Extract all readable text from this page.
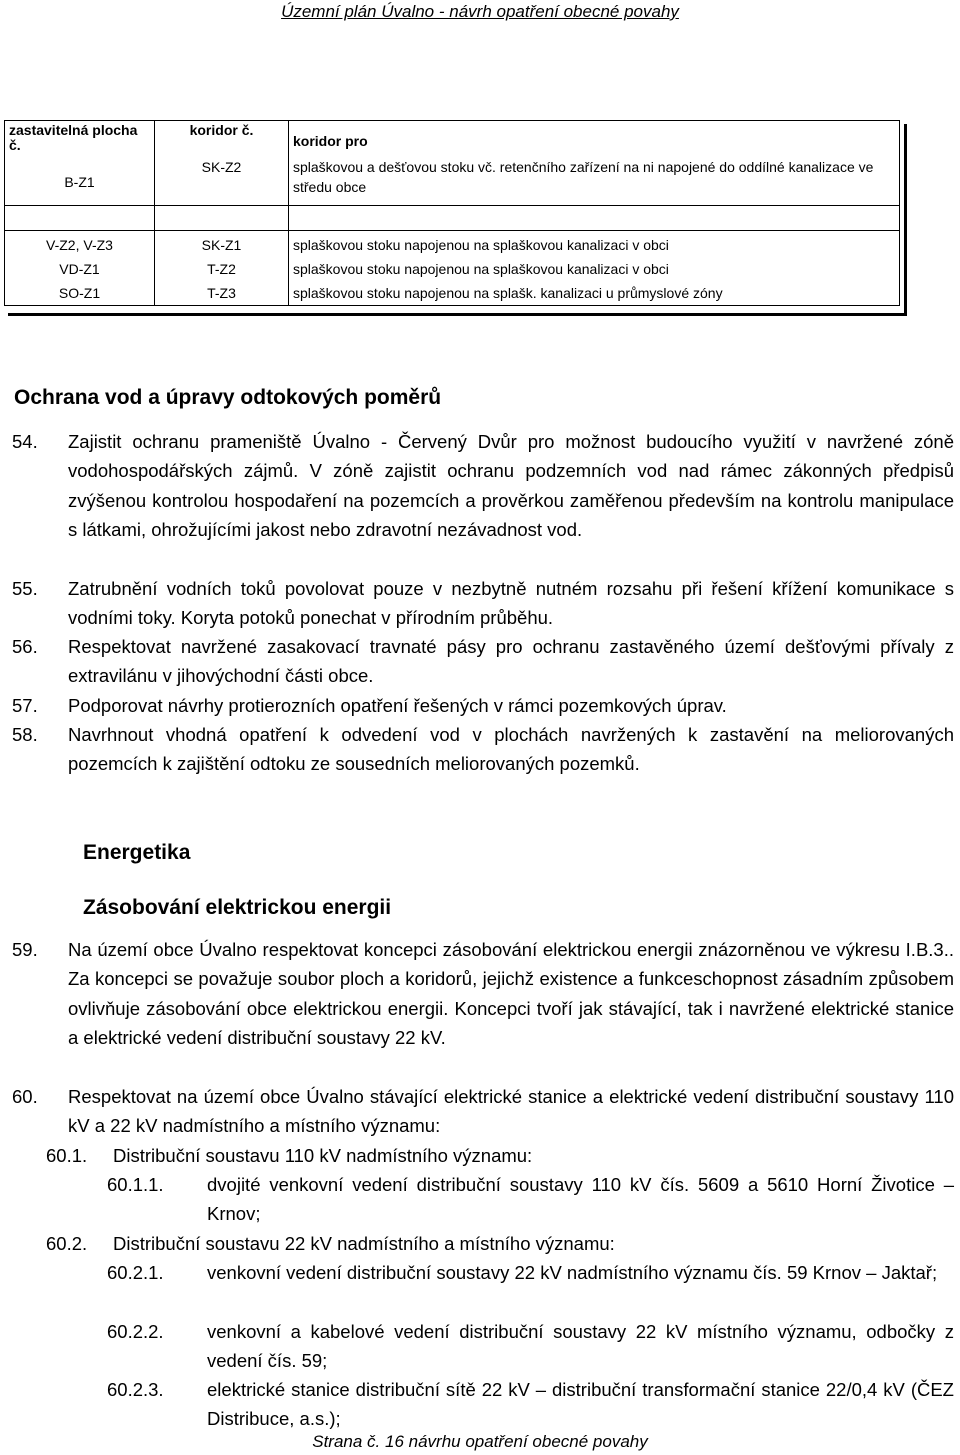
Územní plán Úvalno - návrh opatření obecné povahy
zastavitelná plocha č.	koridor č.	koridor pro
B-Z1	SK-Z2	splaškovou a dešťovou stoku vč. retenčního zařízení na ni napojené do oddílné kanalizace ve středu obce

V-Z2, V-Z3	SK-Z1	splaškovou stoku napojenou na splaškovou kanalizaci v obci
VD-Z1	T-Z2	splaškovou stoku napojenou na splaškovou kanalizaci v obci
SO-Z1	T-Z3	splaškovou stoku napojenou na splašk. kanalizaci u průmyslové zóny
Ochrana vod a úpravy odtokových poměrů
54. Zajistit ochranu prameniště Úvalno - Červený Dvůr pro možnost budoucího využití v navržené zóně vodohospodářských zájmů. V zóně zajistit ochranu podzemních vod nad rámec zákonných předpisů zvýšenou kontrolou hospodaření na pozemcích a prověrkou zaměřenou především na kontrolu manipulace s látkami, ohrožujícími jakost nebo zdravotní nezávadnost vod.
55. Zatrubnění vodních toků povolovat pouze v nezbytně nutném rozsahu při řešení křížení komunikace s vodními toky. Koryta potoků ponechat v přírodním průběhu.
56. Respektovat navržené zasakovací travnaté pásy pro ochranu zastavěného území dešťovými přívaly z extravilánu v jihovýchodní části obce.
57. Podporovat návrhy protierozních opatření řešených v rámci pozemkových úprav.
58. Navrhnout vhodná opatření k odvedení vod v plochách navržených k zastavění na meliorovaných pozemcích k zajištění odtoku ze sousedních meliorovaných pozemků.
Energetika
Zásobování elektrickou energii
59. Na území obce Úvalno respektovat koncepci zásobování elektrickou energii znázorněnou ve výkresu I.B.3.. Za koncepci se považuje soubor ploch a koridorů, jejichž existence a funkceschopnost zásadním způsobem ovlivňuje zásobování obce elektrickou energii. Koncepci tvoří jak stávající, tak i navržené elektrické stanice a elektrické vedení distribuční soustavy 22 kV.
60. Respektovat na území obce Úvalno stávající elektrické stanice a elektrické vedení distribuční soustavy 110 kV a 22 kV nadmístního a místního významu:
60.1. Distribuční soustavu 110 kV nadmístního významu:
60.1.1. dvojité venkovní vedení distribuční soustavy 110 kV čís. 5609 a 5610 Horní Životice – Krnov;
60.2. Distribuční soustavu 22 kV nadmístního a místního významu:
60.2.1. venkovní vedení distribuční soustavy 22 kV nadmístního významu čís. 59 Krnov – Jaktař;
60.2.2. venkovní a kabelové vedení distribuční soustavy 22 kV místního významu, odbočky z vedení čís. 59;
60.2.3. elektrické stanice distribuční sítě 22 kV – distribuční transformační stanice 22/0,4 kV (ČEZ Distribuce, a.s.);
Strana č. 16 návrhu opatření obecné povahy
